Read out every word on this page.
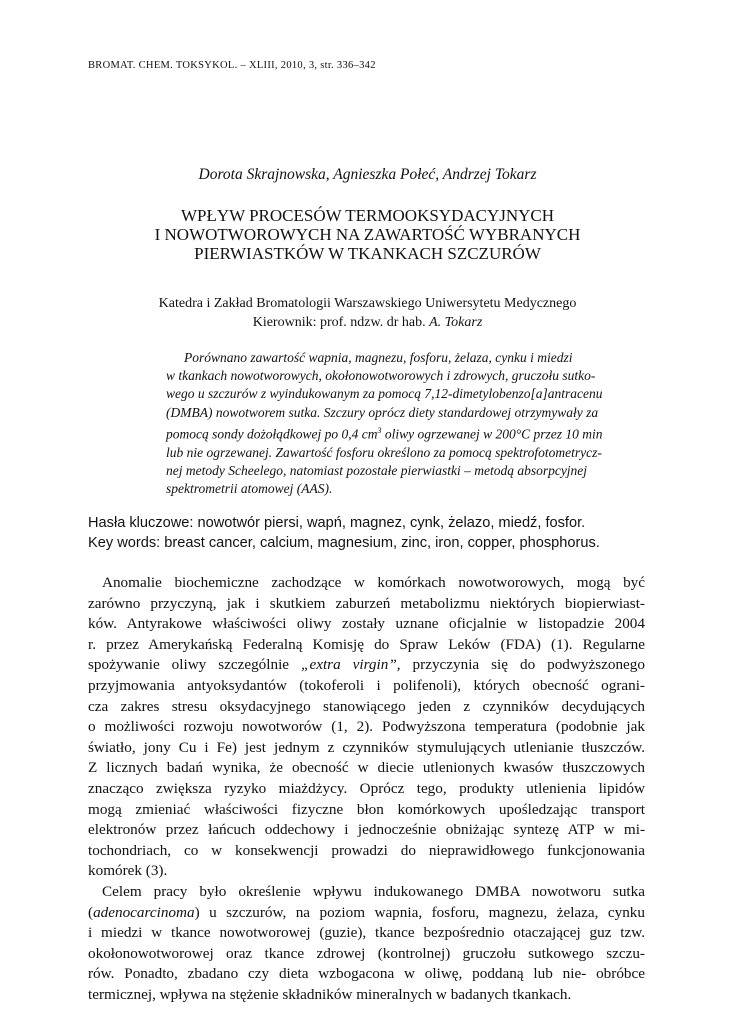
BROMAT. CHEM. TOKSYKOL. – XLIII, 2010, 3, str. 336–342
Dorota Skrajnowska, Agnieszka Połeć, Andrzej Tokarz
WPŁYW PROCESÓW TERMOOKSYDACYJNYCH
I NOWOTWOROWYCH NA ZAWARTOŚĆ WYBRANYCH
PIERWIASTKÓW W TKANKACH SZCZURÓW
Katedra i Zakład Bromatologii Warszawskiego Uniwersytetu Medycznego
Kierownik: prof. ndzw. dr hab. A. Tokarz
Porównano zawartość wapnia, magnezu, fosforu, żelaza, cynku i miedzi
w tkankach nowotworowych, okołonowotworowych i zdrowych, gruczołu sutko-
wego u szczurów z wyindukowanym za pomocą 7,12-dimetylobenzo[a]antracenu
(DMBA) nowotworem sutka. Szczury oprócz diety standardowej otrzymywały za
pomocą sondy dożołądkowej po 0,4 $cm^3$ oliwy ogrzewanej w 200°C przez 10 min
lub nie ogrzewanej. Zawartość fosforu określono za pomocą spektrofotometrycz-
nej metody Scheelego, natomiast pozostałe pierwiastki – metodą absorpcyjnej
spektrometrii atomowej (AAS).
Hasła kluczowe: nowotwór piersi, wapń, magnez, cynk, żelazo, miedź, fosfor.
Key words: breast cancer, calcium, magnesium, zinc, iron, copper, phosphorus.
Anomalie biochemiczne zachodzące w komórkach nowotworowych, mogą być
zarówno przyczyną, jak i skutkiem zaburzeń metabolizmu niektórych biopierwiast-
ków. Antyrakowe właściwości oliwy zostały uznane oficjalnie w listopadzie 2004
r. przez Amerykańską Federalną Komisję do Spraw Leków (FDA) (1). Regularne
spożywanie oliwy szczególnie „extra virgin”, przyczynia się do podwyższonego
przyjmowania antyoksydantów (tokoferoli i polifenoli), których obecność ograni-
cza zakres stresu oksydacyjnego stanowiącego jeden z czynników decydujących
o możliwości rozwoju nowotworów (1, 2). Podwyższona temperatura (podobnie jak
światło, jony Cu i Fe) jest jednym z czynników stymulujących utlenianie tłuszczów.
Z licznych badań wynika, że obecność w diecie utlenionych kwasów tłuszczowych
znacząco zwiększa ryzyko miażdżycy. Oprócz tego, produkty utlenienia lipidów
mogą zmieniać właściwości fizyczne błon komórkowych upośledzając transport
elektronów przez łańcuch oddechowy i jednocześnie obniżając syntezę ATP w mi-
tochondriach, co w konsekwencji prowadzi do nieprawidłowego funkcjonowania
komórek (3).
Celem pracy było określenie wpływu indukowanego DMBA nowotworu sutka
(adenocarcinoma) u szczurów, na poziom wapnia, fosforu, magnezu, żelaza, cynku
i miedzi w tkance nowotworowej (guzie), tkance bezpośrednio otaczającej guz tzw.
okołonowotworowej oraz tkance zdrowej (kontrolnej) gruczołu sutkowego szczu-
rów. Ponadto, zbadano czy dieta wzbogacona w oliwę, poddaną lub nie- obróbce
termicznej, wpływa na stężenie składników mineralnych w badanych tkankach.
